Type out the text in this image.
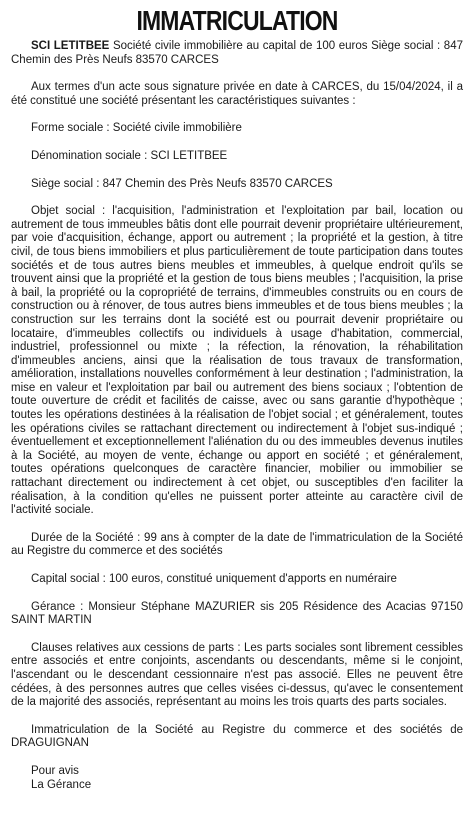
IMMATRICULATION

SCI LETITBEE Société civile immobilière au capital de 100 euros Siège social : 847 Chemin des Près Neufs 83570 CARCES

Aux termes d'un acte sous signature privée en date à CARCES, du 15/04/2024, il a été constitué une société présentant les caractéristiques suivantes :

Forme sociale : Société civile immobilière

Dénomination sociale : SCI LETITBEE

Siège social : 847 Chemin des Près Neufs 83570 CARCES

Objet social : l'acquisition, l'administration et l'exploitation par bail, location ou autrement de tous immeubles bâtis dont elle pourrait devenir propriétaire ultérieurement, par voie d'acquisition, échange, apport ou autrement ; la propriété et la gestion, à titre civil, de tous biens immobiliers et plus particulièrement de toute participation dans toutes sociétés et de tous autres biens meubles et immeubles, à quelque endroit qu'ils se trouvent ainsi que la propriété et la gestion de tous biens meubles ; l'acquisition, la prise à bail, la propriété ou la copropriété de terrains, d'immeubles construits ou en cours de construction ou à rénover, de tous autres biens immeubles et de tous biens meubles ; la construction sur les terrains dont la société est ou pourrait devenir propriétaire ou locataire, d'immeubles collectifs ou individuels à usage d'habitation, commercial, industriel, professionnel ou mixte ; la réfection, la rénovation, la réhabilitation d'immeubles anciens, ainsi que la réalisation de tous travaux de transformation, amélioration, installations nouvelles conformément à leur destination ; l'administration, la mise en valeur et l'exploitation par bail ou autrement des biens sociaux ; l'obtention de toute ouverture de crédit et facilités de caisse, avec ou sans garantie d'hypothèque ; toutes les opérations destinées à la réalisation de l'objet social ; et généralement, toutes les opérations civiles se rattachant directement ou indirectement à l'objet sus-indiqué ; éventuellement et exceptionnellement l'aliénation du ou des immeubles devenus inutiles à la Société, au moyen de vente, échange ou apport en société ; et généralement, toutes opérations quelconques de caractère financier, mobilier ou immobilier se rattachant directement ou indirectement à cet objet, ou susceptibles d'en faciliter la réalisation, à la condition qu'elles ne puissent porter atteinte au caractère civil de l'activité sociale.

Durée de la Société : 99 ans à compter de la date de l'immatriculation de la Société au Registre du commerce et des sociétés

Capital social : 100 euros, constitué uniquement d'apports en numéraire

Gérance : Monsieur Stéphane MAZURIER sis 205 Résidence des Acacias 97150 SAINT MARTIN

Clauses relatives aux cessions de parts : Les parts sociales sont librement cessibles entre associés et entre conjoints, ascendants ou descendants, même si le conjoint, l'ascendant ou le descendant cessionnaire n'est pas associé. Elles ne peuvent être cédées, à des personnes autres que celles visées ci-dessus, qu'avec le consentement de la majorité des associés, représentant au moins les trois quarts des parts sociales.

Immatriculation de la Société au Registre du commerce et des sociétés de DRAGUIGNAN

Pour avis

La Gérance
